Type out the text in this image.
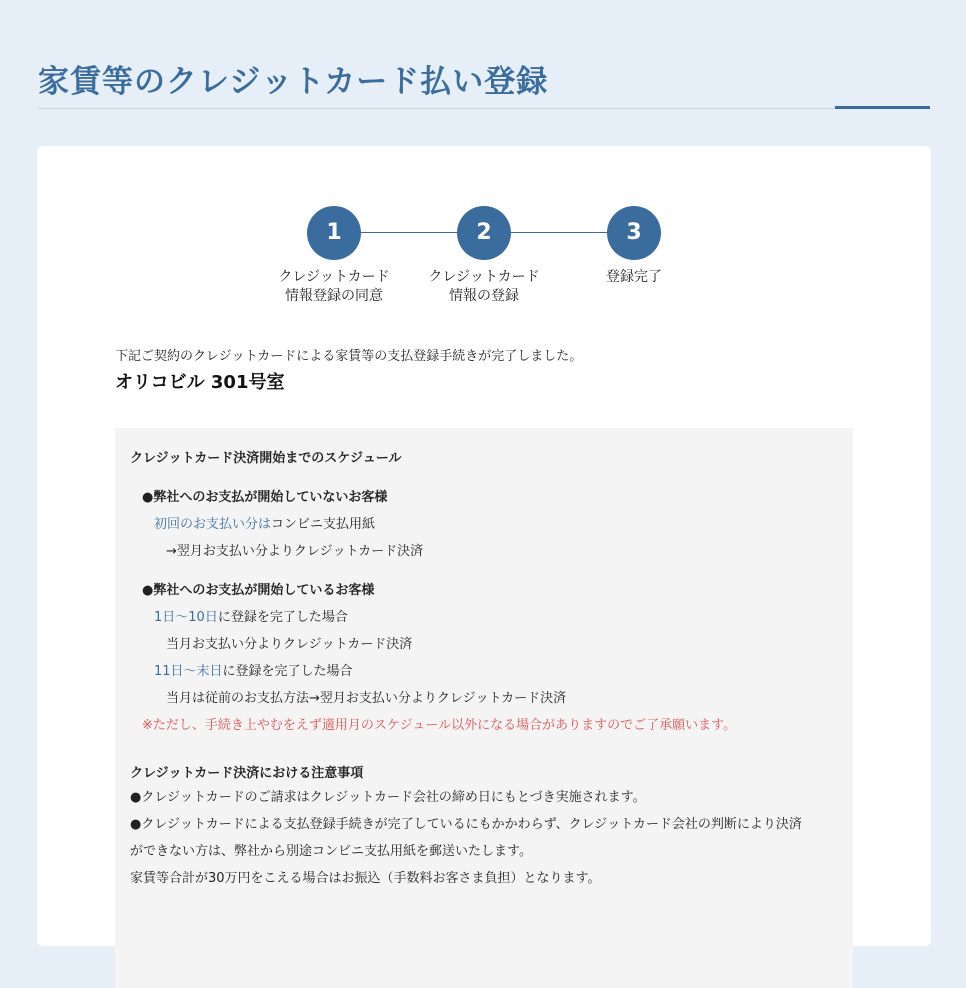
家賃等のクレジットカード払い登録
1
クレジットカード
情報登録の同意
2
クレジットカード
情報の登録
3
登録完了
下記ご契約のクレジットカードによる家賃等の支払登録手続きが完了しました。
オリコビル 301号室
クレジットカード決済開始までのスケジュール
●弊社へのお支払が開始していないお客様
初回のお支払い分はコンビニ支払用紙
→翌月お支払い分よりクレジットカード決済
●弊社へのお支払が開始しているお客様
1日〜10日に登録を完了した場合
当月お支払い分よりクレジットカード決済
11日〜末日に登録を完了した場合
当月は従前のお支払方法→翌月お支払い分よりクレジットカード決済
※ただし、手続き上やむをえず適用月のスケジュール以外になる場合がありますのでご了承願います。
クレジットカード決済における注意事項
●クレジットカードのご請求はクレジットカード会社の締め日にもとづき実施されます。
●クレジットカードによる支払登録手続きが完了しているにもかかわらず、クレジットカード会社の判断により決済
ができない方は、弊社から別途コンビニ支払用紙を郵送いたします。
家賃等合計が30万円をこえる場合はお振込（手数料お客さま負担）となります。
